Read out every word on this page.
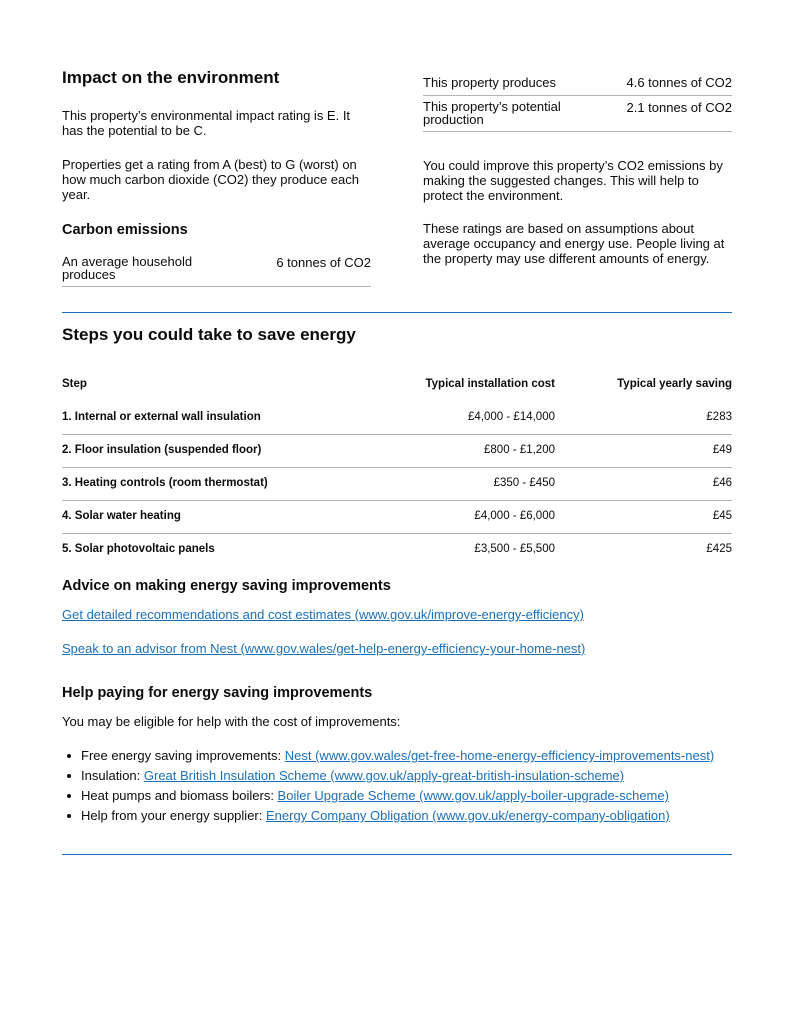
Impact on the environment

This property’s environmental impact rating is E. It has the potential to be C.

Properties get a rating from A (best) to G (worst) on how much carbon dioxide (CO2) they produce each year.

Carbon emissions
An average household produces
6 tonnes of CO2
This property produces	4.6 tonnes of CO2
This property’s potential production
2.1 tonnes of CO2

You could improve this property’s CO2 emissions by making the suggested changes. This will help to protect the environment.

These ratings are based on assumptions about average occupancy and energy use. People living at the property may use different amounts of energy.

Steps you could take to save energy
Step	Typical installation cost	Typical yearly saving
1. Internal or external wall insulation	£4,000 - £14,000	£283
2. Floor insulation (suspended floor)	£800 - £1,200	£49
3. Heating controls (room thermostat)	£350 - £450	£46
4. Solar water heating	£4,000 - £6,000	£45
5. Solar photovoltaic panels	£3,500 - £5,500	£425
Advice on making energy saving improvements
Get detailed recommendations and cost estimates (www.gov.uk/improve-energy-efficiency)
Speak to an advisor from Nest (www.gov.wales/get-help-energy-efficiency-your-home-nest)
Help paying for energy saving improvements

You may be eligible for help with the cost of improvements:

Free energy saving improvements: Nest (www.gov.wales/get-free-home-energy-efficiency-improvements-nest)
Insulation: Great British Insulation Scheme (www.gov.uk/apply-great-british-insulation-scheme)
Heat pumps and biomass boilers: Boiler Upgrade Scheme (www.gov.uk/apply-boiler-upgrade-scheme)
Help from your energy supplier: Energy Company Obligation (www.gov.uk/energy-company-obligation)
